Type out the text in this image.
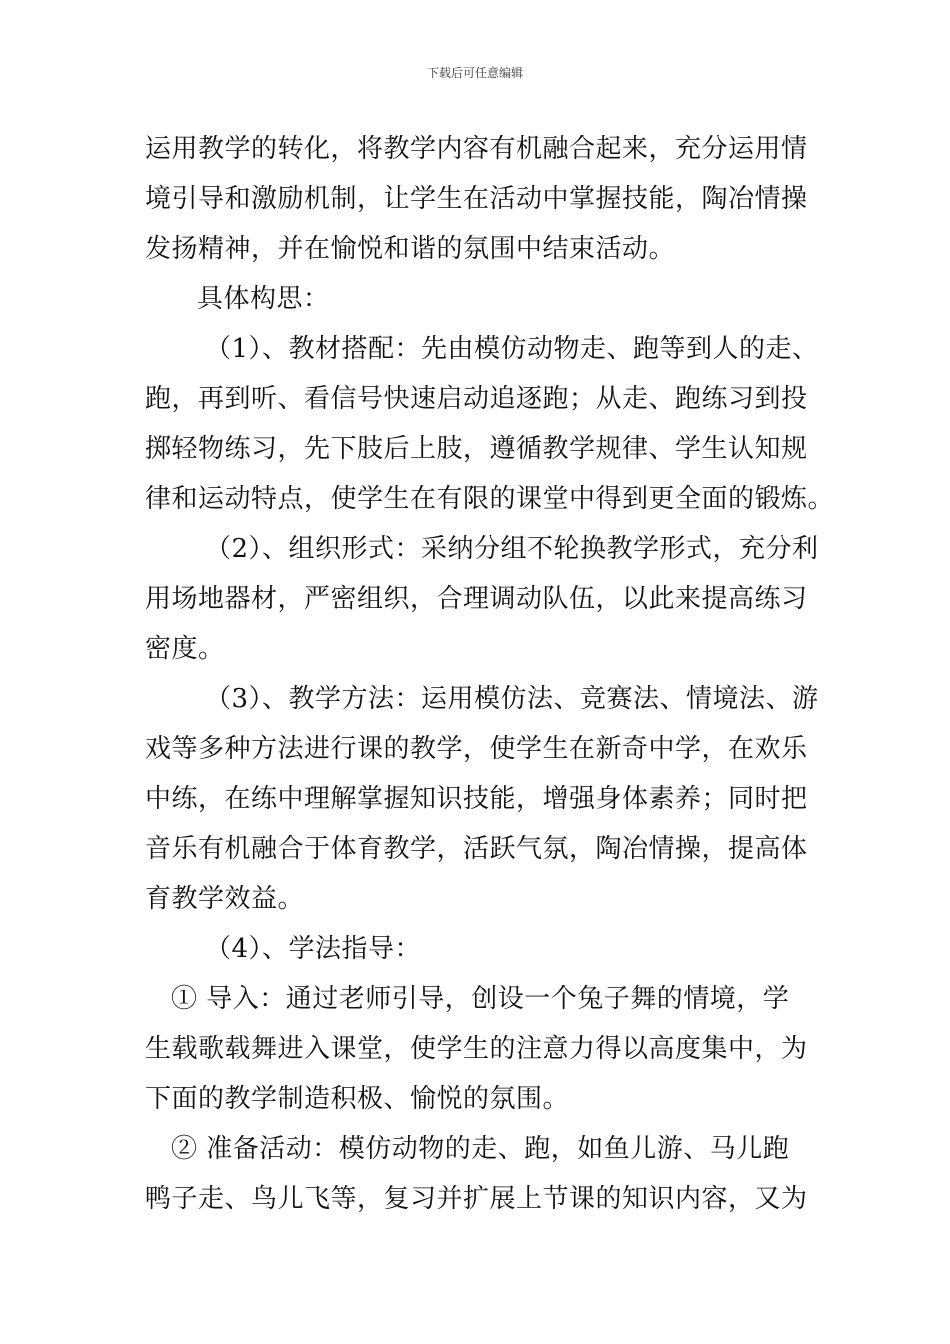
下载后可任意编辑
运用教学的转化，将教学内容有机融合起来，充分运用情
境引导和激励机制，让学生在活动中掌握技能，陶冶情操
发扬精神，并在愉悦和谐的氛围中结束活动。
具体构思：
（1）、教材搭配：先由模仿动物走、跑等到人的走、
跑，再到听、看信号快速启动追逐跑；从走、跑练习到投
掷轻物练习，先下肢后上肢，遵循教学规律、学生认知规
律和运动特点，使学生在有限的课堂中得到更全面的锻炼。
（2）、组织形式：采纳分组不轮换教学形式，充分利
用场地器材，严密组织，合理调动队伍，以此来提高练习
密度。
（3）、教学方法：运用模仿法、竞赛法、情境法、游
戏等多种方法进行课的教学，使学生在新奇中学，在欢乐
中练，在练中理解掌握知识技能，增强身体素养；同时把
音乐有机融合于体育教学，活跃气氛，陶冶情操，提高体
育教学效益。
（4）、学法指导：
① 导入：通过老师引导，创设一个兔子舞的情境，学
生载歌载舞进入课堂，使学生的注意力得以高度集中，为
下面的教学制造积极、愉悦的氛围。
② 准备活动：模仿动物的走、跑，如鱼儿游、马儿跑
鸭子走、鸟儿飞等，复习并扩展上节课的知识内容，又为
